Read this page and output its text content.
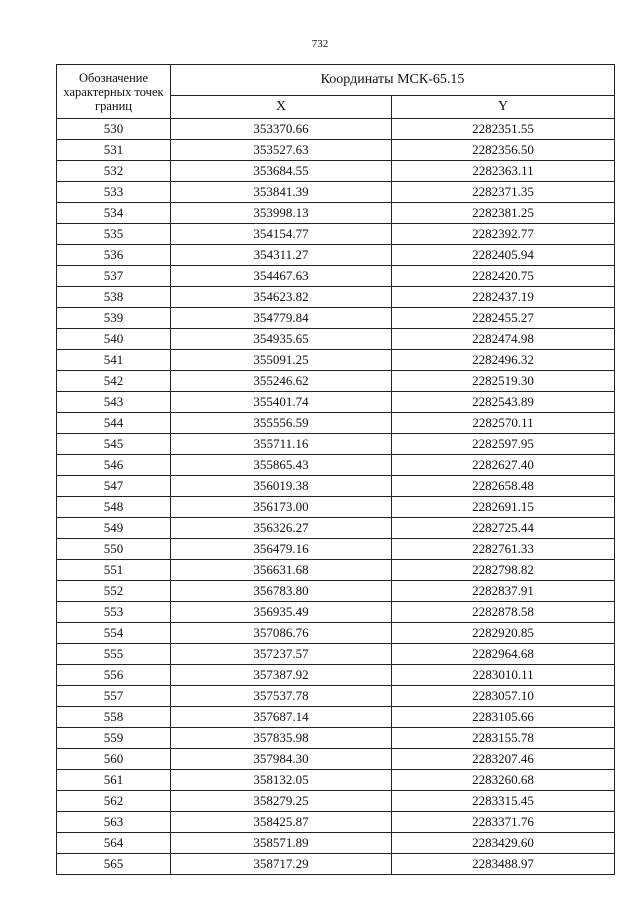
732
Обозначение характерных точек границ	Координаты МСК-65.15	
	X	Y
530	353370.66	2282351.55
531	353527.63	2282356.50
532	353684.55	2282363.11
533	353841.39	2282371.35
534	353998.13	2282381.25
535	354154.77	2282392.77
536	354311.27	2282405.94
537	354467.63	2282420.75
538	354623.82	2282437.19
539	354779.84	2282455.27
540	354935.65	2282474.98
541	355091.25	2282496.32
542	355246.62	2282519.30
543	355401.74	2282543.89
544	355556.59	2282570.11
545	355711.16	2282597.95
546	355865.43	2282627.40
547	356019.38	2282658.48
548	356173.00	2282691.15
549	356326.27	2282725.44
550	356479.16	2282761.33
551	356631.68	2282798.82
552	356783.80	2282837.91
553	356935.49	2282878.58
554	357086.76	2282920.85
555	357237.57	2282964.68
556	357387.92	2283010.11
557	357537.78	2283057.10
558	357687.14	2283105.66
559	357835.98	2283155.78
560	357984.30	2283207.46
561	358132.05	2283260.68
562	358279.25	2283315.45
563	358425.87	2283371.76
564	358571.89	2283429.60
565	358717.29	2283488.97
